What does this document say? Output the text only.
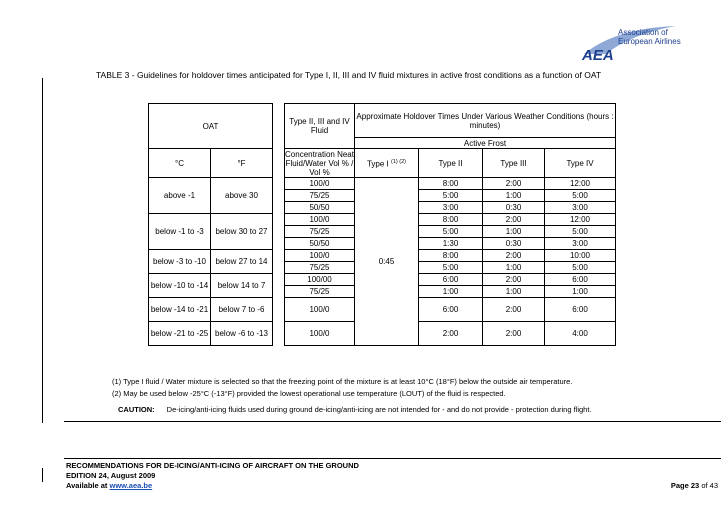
AEA
Association of
European Airlines
TABLE 3 - Guidelines for holdover times anticipated for Type I, II, III and IV fluid mixtures in active frost conditions as a function of OAT
OAT			Type II, III and IV Fluid	Approximate Holdover Times Under Various Weather Conditions (hours : minutes)			
				Active Frost			
°C	°F		Concentration Neat Fluid/Water Vol % / Vol %	Type I $^{(1) (2)}$	Type II	Type III	Type IV

above -1	above 30		100/0	0:45	8:00	2:00	12:00
			75/25		5:00	1:00	5:00
			50/50		3:00	0:30	3:00
below -1 to -3	below 30 to 27		100/0		8:00	2:00	12:00
			75/25		5:00	1:00	5:00
			50/50		1:30	0:30	3:00
below -3 to -10	below 27 to 14		100/0		8:00	2:00	10:00
			75/25		5:00	1:00	5:00
below -10 to -14	below 14 to 7		100/00		6:00	2:00	6:00
			75/25		1:00	1:00	1:00
below -14 to -21	below 7 to -6		100/0		6:00	2:00	6:00
below -21 to -25	below -6 to -13		100/0		2:00	2:00	4:00
(1) Type I fluid / Water mixture is selected so that the freezing point of the mixture is at least 10°C (18°F) below the outside air temperature.
(2) May be used below -25°C (-13°F) provided the lowest operational use temperature (LOUT) of the fluid is respected.
CAUTION: De-icing/anti-icing fluids used during ground de-icing/anti-icing are not intended for - and do not provide - protection during flight.
RECOMMENDATIONS FOR DE-ICING/ANTI-ICING OF AIRCRAFT ON THE GROUND
EDITION 24, August 2009
Available at www.aea.be	Page 23 of 43
